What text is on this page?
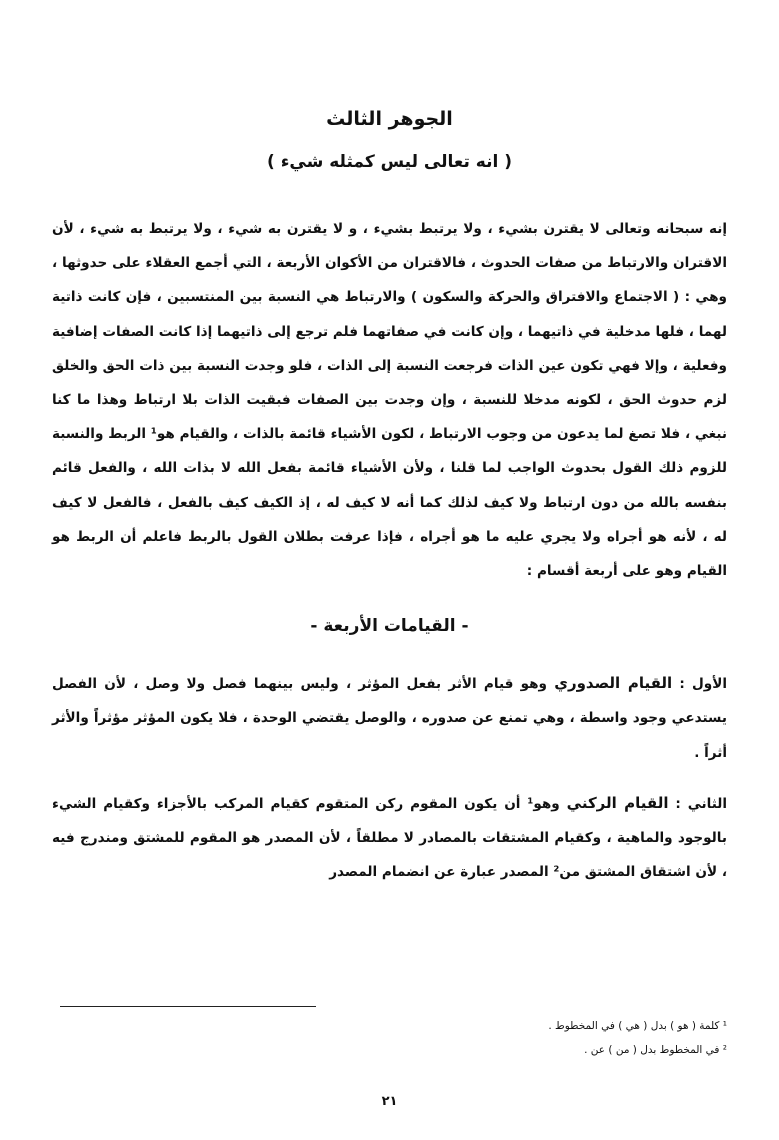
الجوهر الثالث
( انه تعالى ليس كمثله شيء )

إنه سبحانه وتعالى لا يقترن بشيء ، ولا يرتبط بشيء ، و لا يقترن به شيء ، ولا يرتبط به شيء ، لأن الاقتران والارتباط من صفات الحدوث ، فالاقتران من الأكوان الأربعة ، التي أجمع العقلاء على حدوثها ، وهي : ( الاجتماع والافتراق والحركة والسكون ) والارتباط هي النسبة بين المنتسبين ، فإن كانت ذاتية لهما ، فلها مدخلية في ذاتيهما ، وإن كانت في صفاتهما فلم ترجع إلى ذاتيهما إذا كانت الصفات إضافية وفعلية ، وإلا فهي تكون عين الذات فرجعت النسبة إلى الذات ، فلو وجدت النسبة بين ذات الحق والخلق لزم حدوث الحق ، لكونه مدخلا للنسبة ، وإن وجدت بين الصفات فبقيت الذات بلا ارتباط وهذا ما كنا نبغي ، فلا تصغ لما يدعون من وجوب الارتباط ، لكون الأشياء قائمة بالذات ، والقيام هو¹ الربط والنسبة للزوم ذلك القول بحدوث الواجب لما قلنا ، ولأن الأشياء قائمة بفعل الله لا بذات الله ، والفعل قائم بنفسه بالله من دون ارتباط ولا كيف لذلك كما أنه لا كيف له ، إذ الكيف كيف بالفعل ، فالفعل لا كيف له ، لأنه هو أجراه ولا يجري عليه ما هو أجراه ، فإذا عرفت بطلان القول بالربط فاعلم أن الربط هو القيام وهو على أربعة أقسام :

- القيامات الأربعة -

الأول : القيام الصدوري وهو قيام الأثر بفعل المؤثر ، وليس بينهما فصل ولا وصل ، لأن الفصل يستدعي وجود واسطة ، وهي تمنع عن صدوره ، والوصل يقتضي الوحدة ، فلا يكون المؤثر مؤثراً والأثر أثراً .

الثاني : القيام الركني وهو¹ أن يكون المقوم ركن المتقوم كقيام المركب بالأجزاء وكقيام الشيء بالوجود والماهية ، وكقيام المشتقات بالمصادر لا مطلقاً ، لأن المصدر هو المقوم للمشتق ومندرج فيه ، لأن اشتقاق المشتق من² المصدر عبارة عن انضمام المصدر

¹ كلمة ( هو ) بدل ( هي ) في المخطوط .
² في المخطوط بدل ( من ) عن .
٢١
